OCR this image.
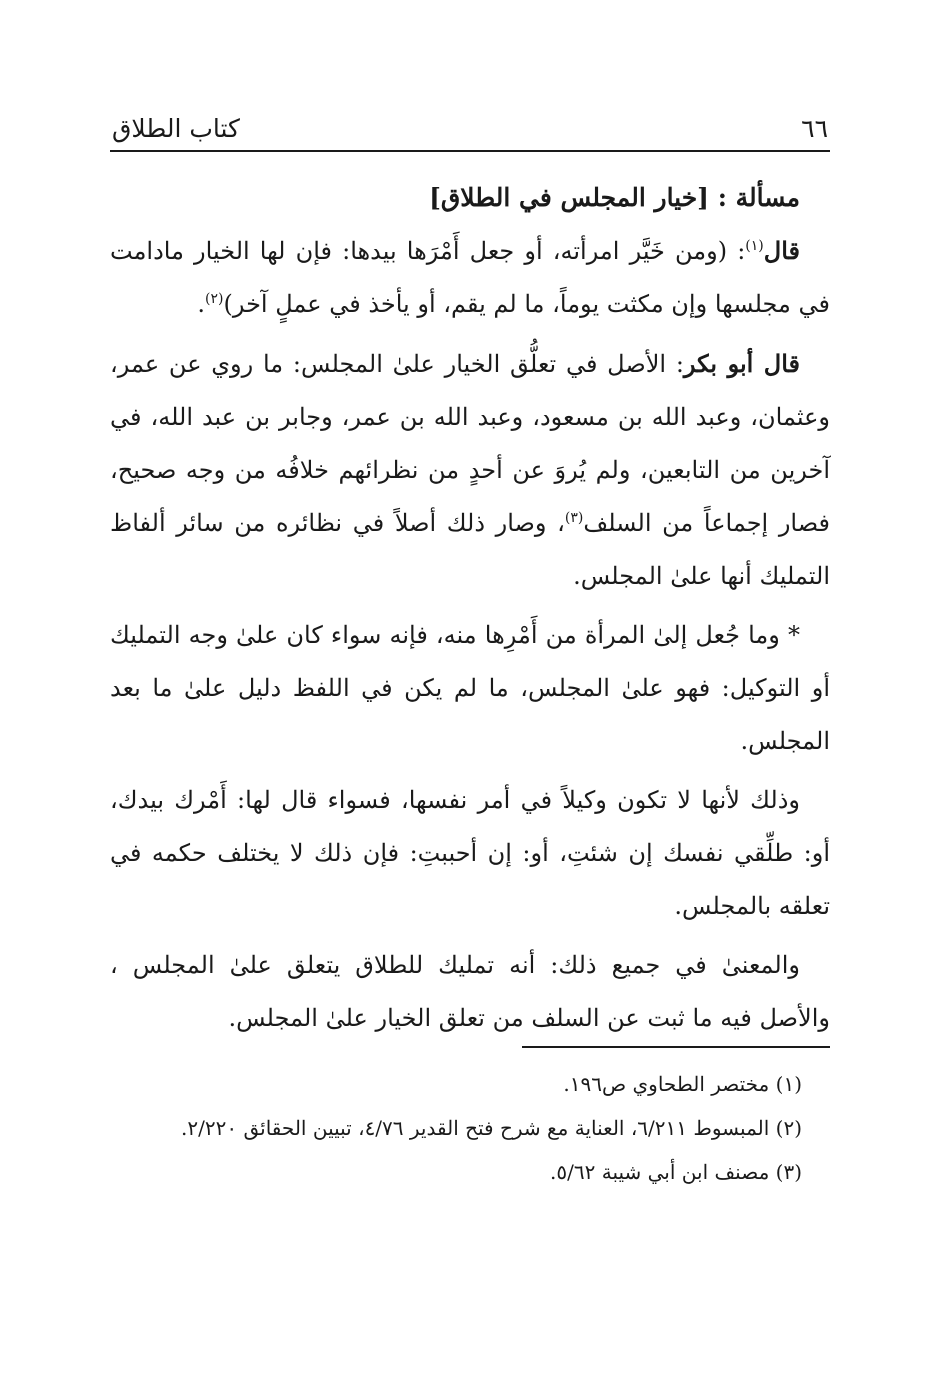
٦٦
كتاب الطلاق
مسألة : [خيار المجلس في الطلاق]

قال$^{(١)}$: (ومن خَيَّر امرأته، أو جعل أَمْرَها بيدها: فإن لها الخيار مادامت في مجلسها وإن مكثت يوماً، ما لم يقم، أو يأخذ في عملٍ آخر)$^{(٢)}$.

قال أبو بكر: الأصل في تعلُّق الخيار علىٰ المجلس: ما روي عن عمر، وعثمان، وعبد الله بن مسعود، وعبد الله بن عمر، وجابر بن عبد الله، في آخرين من التابعين، ولم يُروَ عن أحدٍ من نظرائهم خلافُه من وجه صحيح، فصار إجماعاً من السلف$^{(٣)}$، وصار ذلك أصلاً في نظائره من سائر ألفاظ التمليك أنها علىٰ المجلس.

* وما جُعل إلىٰ المرأة من أَمْرِها منه، فإنه سواء كان علىٰ وجه التمليك أو التوكيل: فهو علىٰ المجلس، ما لم يكن في اللفظ دليل علىٰ ما بعد المجلس.

وذلك لأنها لا تكون وكيلاً في أمر نفسها، فسواء قال لها: أَمْرك بيدك، أو: طلِّقي نفسك إن شئتِ، أو: إن أحببتِ: فإن ذلك لا يختلف حكمه في تعلقه بالمجلس.

والمعنىٰ في جميع ذلك: أنه تمليك للطلاق يتعلق علىٰ المجلس ، والأصل فيه ما ثبت عن السلف من تعلق الخيار علىٰ المجلس.

(١) مختصر الطحاوي ص١٩٦.

(٢) المبسوط ٦/٢١١، العناية مع شرح فتح القدير ٤/٧٦، تبيين الحقائق ٢/٢٢٠.

(٣) مصنف ابن أبي شيبة ٥/٦٢.
